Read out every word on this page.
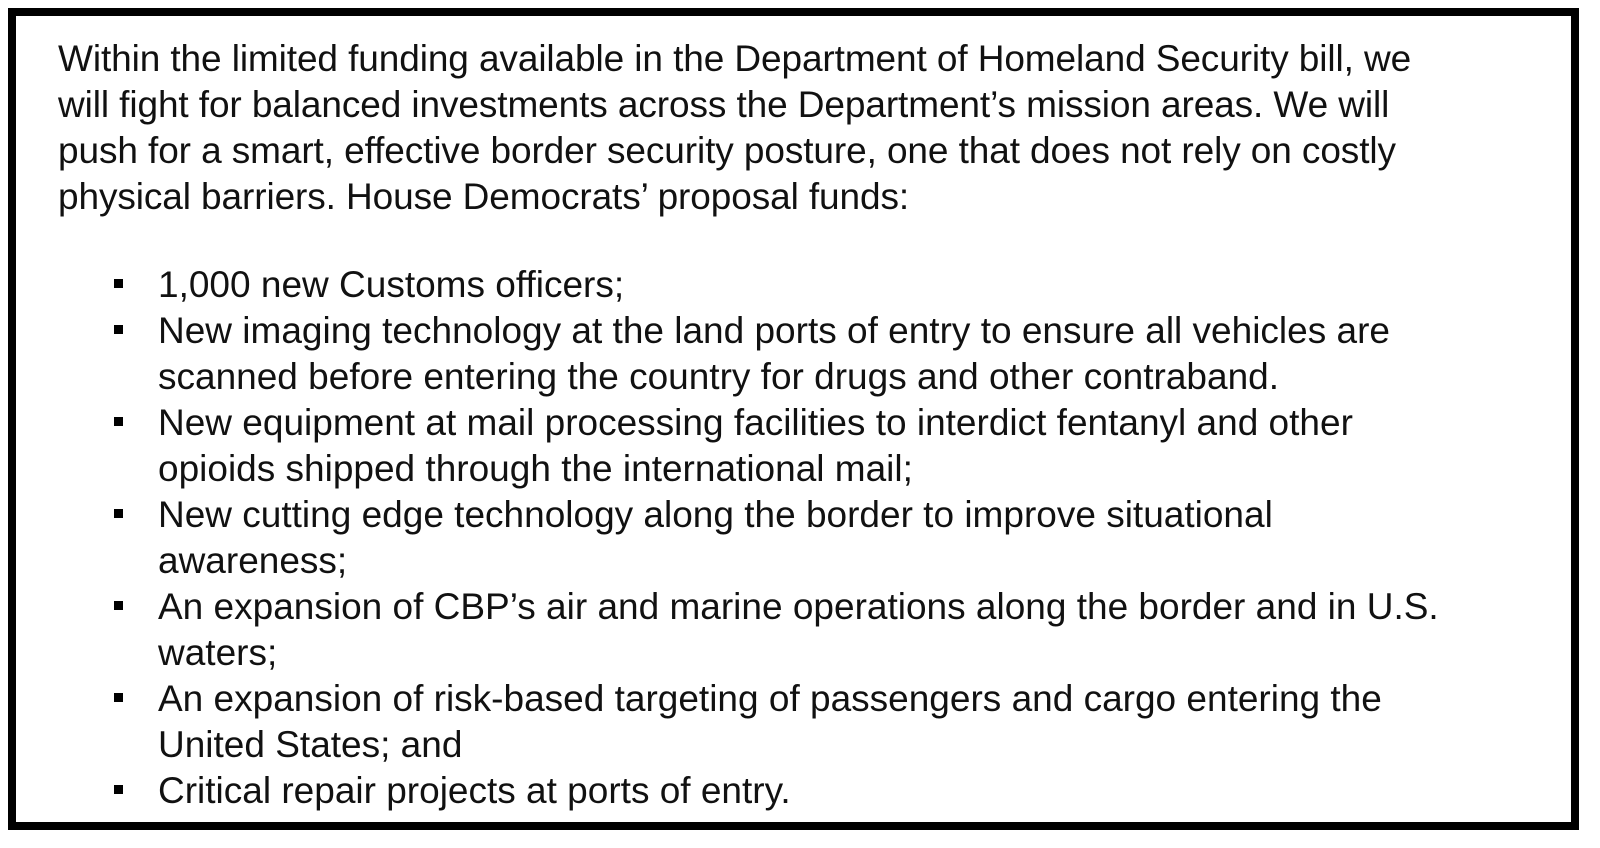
Within the limited funding available in the Department of Homeland Security bill, we
will fight for balanced investments across the Department’s mission areas. We will
push for a smart, effective border security posture, one that does not rely on costly
physical barriers. House Democrats’ proposal funds:

1,000 new Customs officers;
New imaging technology at the land ports of entry to ensure all vehicles are
scanned before entering the country for drugs and other contraband.
New equipment at mail processing facilities to interdict fentanyl and other
opioids shipped through the international mail;
New cutting edge technology along the border to improve situational
awareness;
An expansion of CBP’s air and marine operations along the border and in U.S.
waters;
An expansion of risk-based targeting of passengers and cargo entering the
United States; and
Critical repair projects at ports of entry.
